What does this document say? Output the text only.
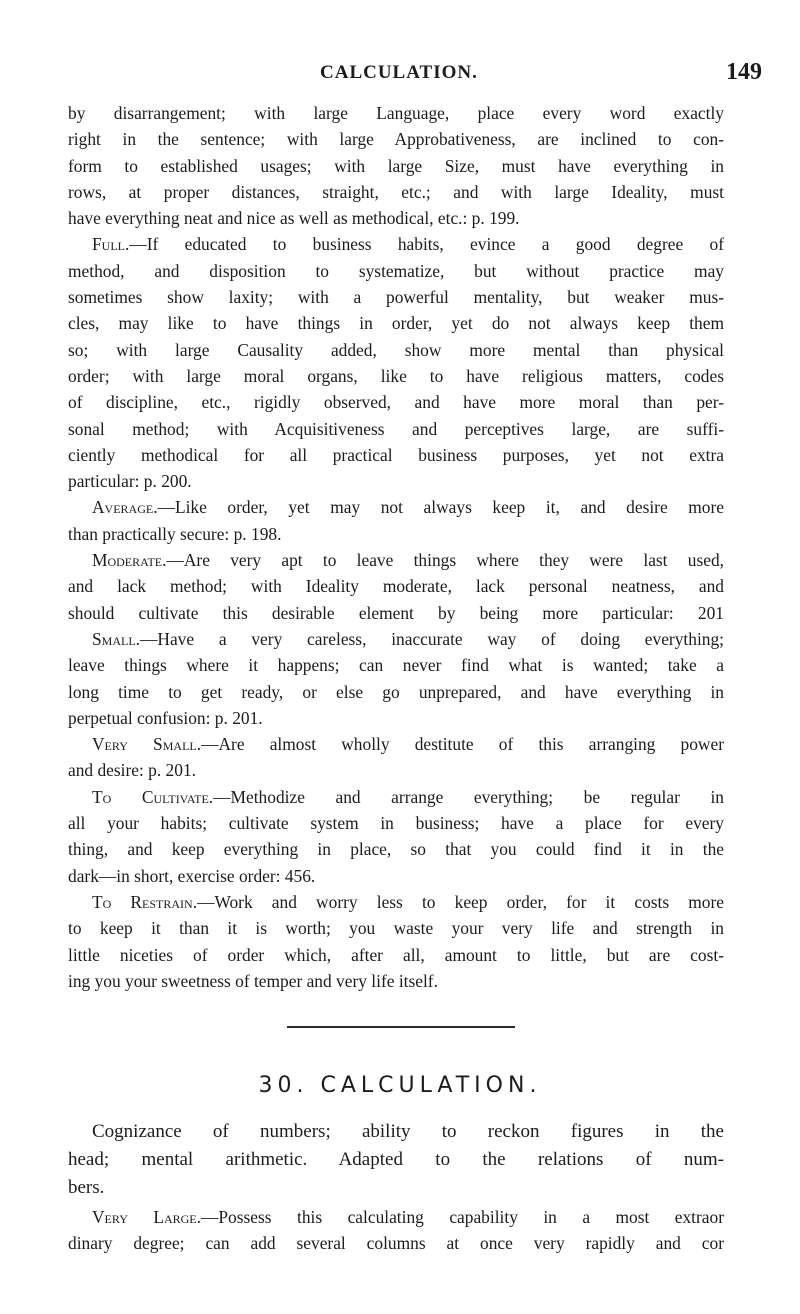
CALCULATION.	149

by disarrangement; with large Language, place every word exactly

right in the sentence; with large Approbativeness, are inclined to con-

form to established usages; with large Size, must have everything in

rows, at proper distances, straight, etc.; and with large Ideality, must

have everything neat and nice as well as methodical, etc.: p. 199.

Full.—If educated to business habits, evince a good degree of

method, and disposition to systematize, but without practice may

sometimes show laxity; with a powerful mentality, but weaker mus-

cles, may like to have things in order, yet do not always keep them

so; with large Causality added, show more mental than physical

order; with large moral organs, like to have religious matters, codes

of discipline, etc., rigidly observed, and have more moral than per-

sonal method; with Acquisitiveness and perceptives large, are suffi-

ciently methodical for all practical business purposes, yet not extra

particular: p. 200.

Average.—Like order, yet may not always keep it, and desire more

than practically secure: p. 198.

Moderate.—Are very apt to leave things where they were last used,

and lack method; with Ideality moderate, lack personal neatness, and

should cultivate this desirable element by being more particular: 201

Small.—Have a very careless, inaccurate way of doing everything;

leave things where it happens; can never find what is wanted; take a

long time to get ready, or else go unprepared, and have everything in

perpetual confusion: p. 201.

Very Small.—Are almost wholly destitute of this arranging power

and desire: p. 201.

To Cultivate.—Methodize and arrange everything; be regular in

all your habits; cultivate system in business; have a place for every

thing, and keep everything in place, so that you could find it in the

dark—in short, exercise order: 456.

To Restrain.—Work and worry less to keep order, for it costs more

to keep it than it is worth; you waste your very life and strength in

little niceties of order which, after all, amount to little, but are cost-

ing you your sweetness of temper and very life itself.

30. CALCULATION.

Cognizance of numbers; ability to reckon figures in the

head; mental arithmetic. Adapted to the relations of num-

bers.

Very Large.—Possess this calculating capability in a most extraor

dinary degree; can add several columns at once very rapidly and cor
